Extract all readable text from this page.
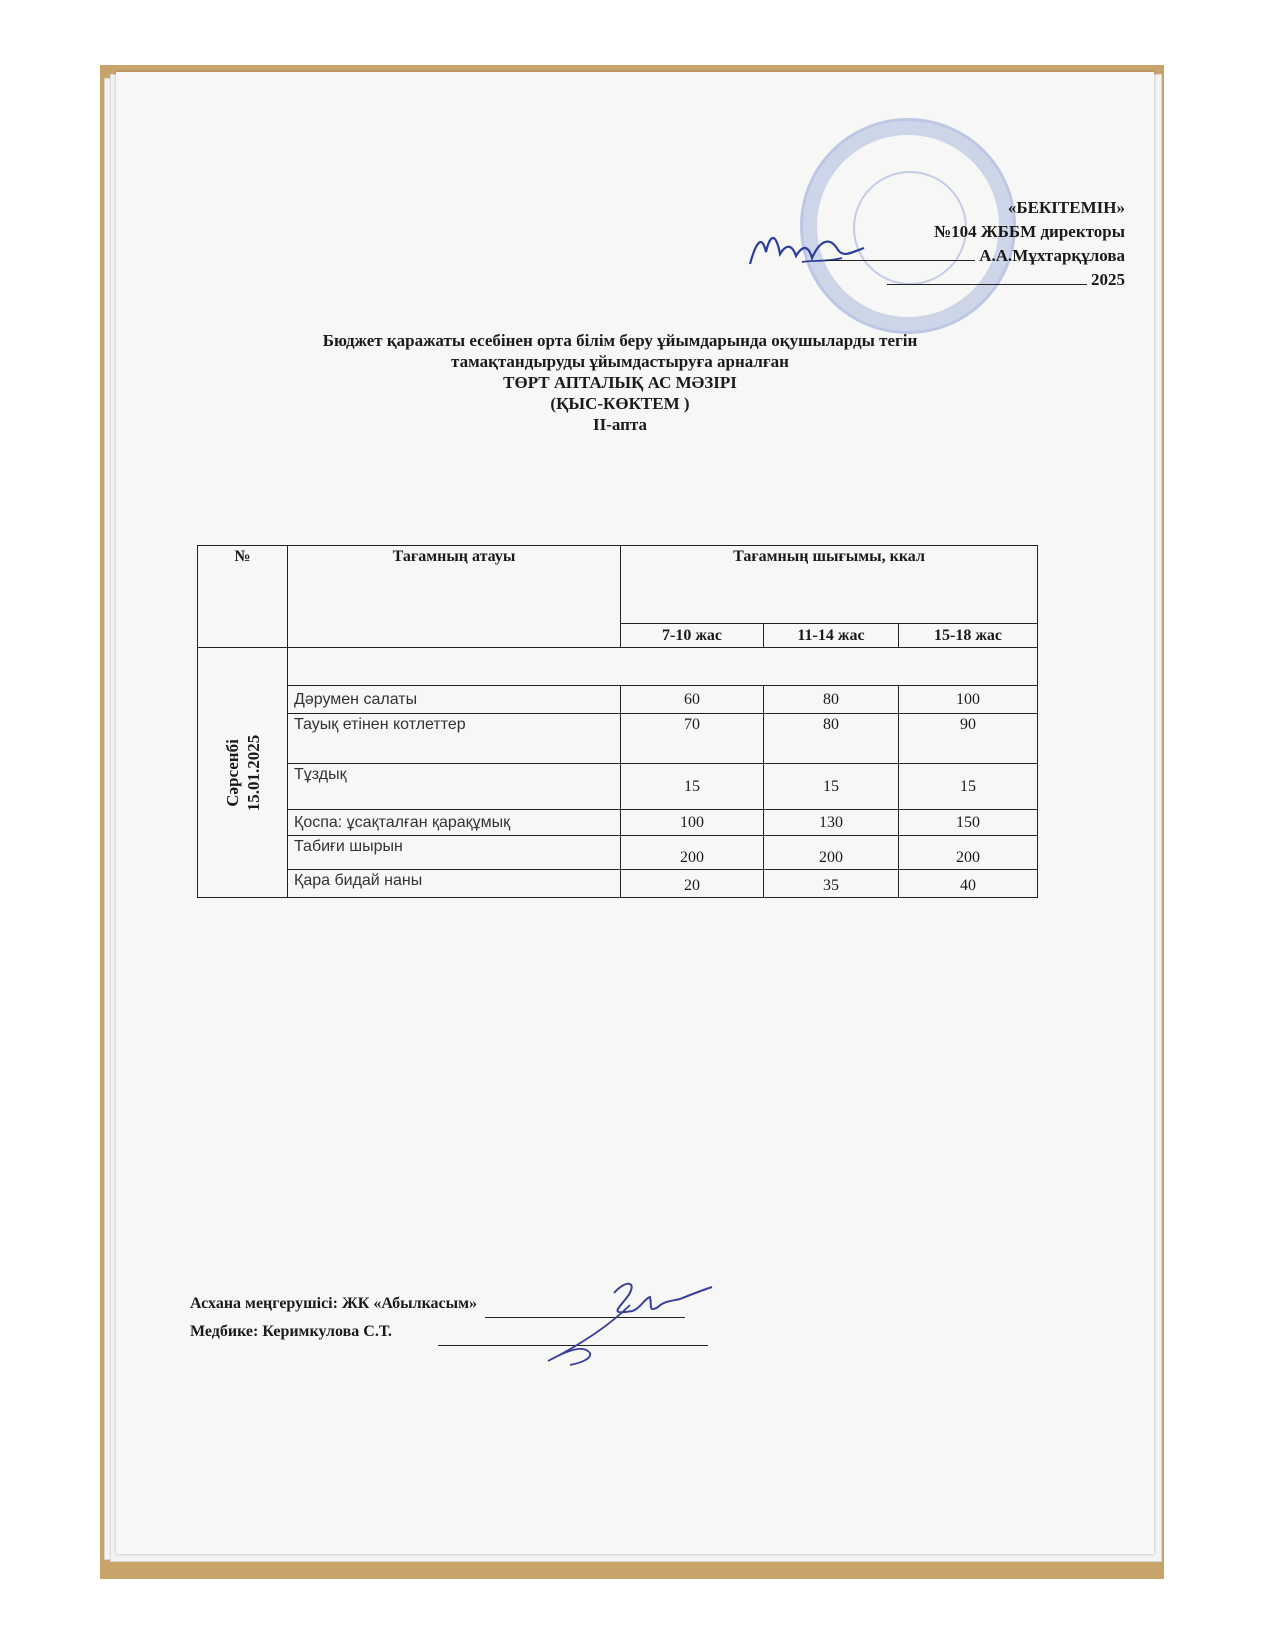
«БЕКІТЕМІН»
№104 ЖББМ директоры
А.А.Мұхтарқұлова
2025
Бюджет қаражаты есебінен орта білім беру ұйымдарында оқушыларды тегін
тамақтандыруды ұйымдастыруға арналған
ТӨРТ АПТАЛЫҚ АС МӘЗІРІ
(ҚЫС-КӨКТЕМ )
ІІ-апта
№	Тағамның атауы	Тағамның шығымы, ккал		
		7-10 жас	11-14 жас	15-18 жас

Сәрсенбі 15.01.2025				

	Дәрумен салаты	60	80	100
	Тауық етінен котлеттер	70	80	90
	Тұздық	15	15	15
	Қоспа: ұсақталған қарақұмық	100	130	150
	Табиғи шырын	200	200	200
	Қара бидай наны	20	35	40
Асхана меңгерушісі: ЖК «Абылкасым»
Медбике: Керимкулова С.Т.
